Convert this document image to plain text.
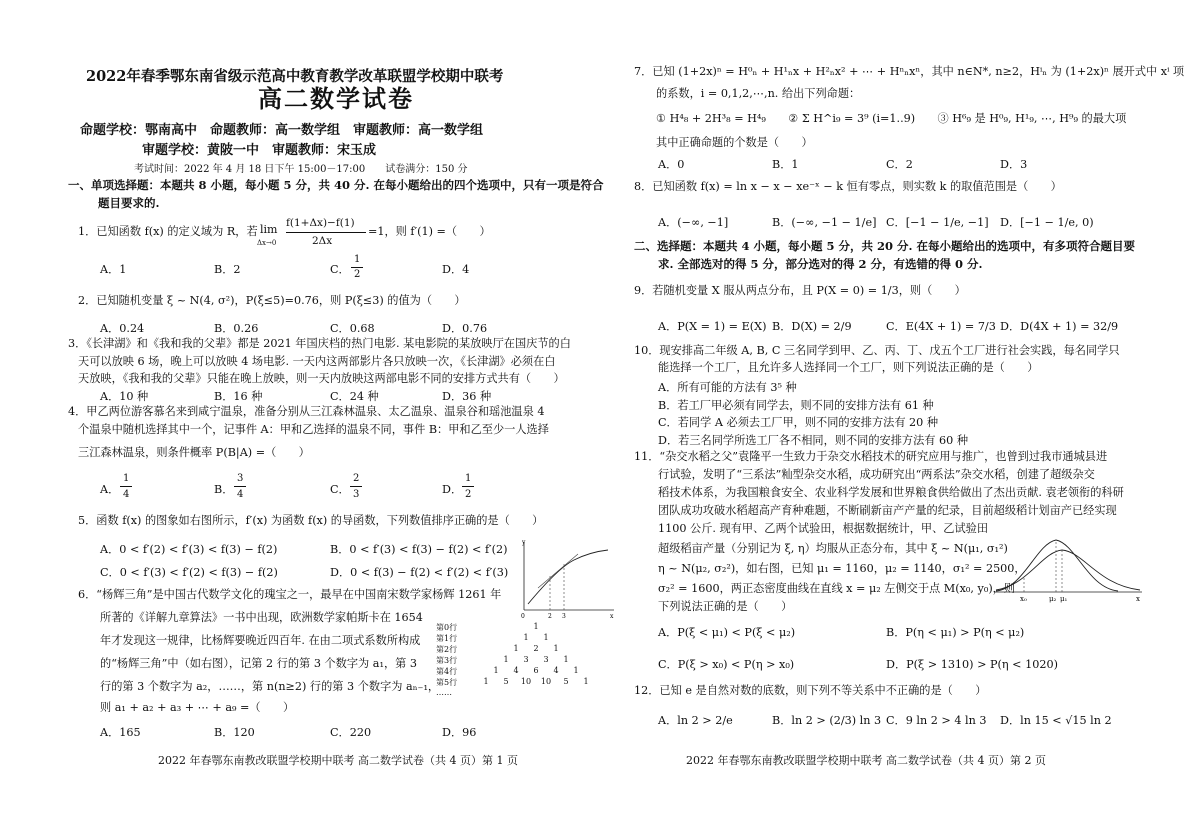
2022年春季鄂东南省级示范高中教育教学改革联盟学校期中联考
高二数学试卷
命题学校：鄂南高中　命题教师：高一数学组　审题教师：高一数学组
审题学校：黄陂一中　审题教师：宋玉成
考试时间：2022 年 4 月 18 日下午 15:00－17:00　　试卷满分：150 分
一、单项选择题：本题共 8 小题，每小题 5 分，共 40 分. 在每小题给出的四个选项中，只有一项是符合
题目要求的.
1．已知函数 f(x) 的定义域为 R，若 lim
Δx→0
f(1+Δx)−f(1)
2Δx
=1，则 f′(1) =（　　）
A．1	B．2	C．
1
2	D．4
2．已知随机变量 ξ ~ N(4, σ²)，P(ξ≤5)=0.76，则 P(ξ≤3) 的值为（　　）
A．0.24	B．0.26	C．0.68	D．0.76
3．《长津湖》和《我和我的父辈》都是 2021 年国庆档的热门电影. 某电影院的某放映厅在国庆节的白
天可以放映 6 场，晚上可以放映 4 场电影. 一天内这两部影片各只放映一次，《长津湖》必须在白
天放映，《我和我的父辈》只能在晚上放映，则一天内放映这两部电影不同的安排方式共有（　　）
A．10 种	B．16 种	C．24 种	D．36 种
4．甲乙两位游客慕名来到咸宁温泉，准备分别从三江森林温泉、太乙温泉、温泉谷和瑶池温泉 4
个温泉中随机选择其中一个，记事件 A：甲和乙选择的温泉不同，事件 B：甲和乙至少一人选择
三江森林温泉，则条件概率 P(B|A) =（　　）
A．
1
4	B．
3
4	C．
2
3	D．
1
2
5．函数 f(x) 的图象如右图所示，f′(x) 为函数 f(x) 的导函数，下列数值排序正确的是（　　）
A．0 < f′(2) < f′(3) < f(3) − f(2)	B．0 < f′(3) < f(3) − f(2) < f′(2)
C．0 < f′(3) < f′(2) < f(3) − f(2)	D．0 < f(3) − f(2) < f′(2) < f′(3)
y
0	2 3	x
6．“杨辉三角”是中国古代数学文化的瑰宝之一，最早在中国南宋数学家杨辉 1261 年
所著的《详解九章算法》一书中出现，欧洲数学家帕斯卡在 1654
年才发现这一规律，比杨辉要晚近四百年. 在由二项式系数所构成
的“杨辉三角”中（如右图），记第 2 行的第 3 个数字为 a₁，第 3
行的第 3 个数字为 a₂，……，第 n(n≥2) 行的第 3 个数字为 aₙ₋₁，
则 a₁ + a₂ + a₃ + ⋯ + a₉ =（　　）
A．165	B．120	C．220	D．96
第0行	1
第1行	1	1
第2行	1	2	1
第3行	1	3	3	1
第4行	1	4	6	4	1
第5行	1	5	10 10	5	1
……
2022 年春鄂东南教改联盟学校期中联考 高二数学试卷（共 4 页）第 1 页
7．已知 (1+2x)ⁿ = H⁰ₙ + H¹ₙx + H²ₙx² + ⋯ + Hⁿₙxⁿ，其中 n∈N*, n≥2，Hⁱₙ 为 (1+2x)ⁿ 展开式中 xⁱ 项
的系数，i = 0,1,2,⋯,n. 给出下列命题：
① H⁴₈ + 2H³₈ = H⁴₉　　② Σ H^i₉ = 3⁹ (i=1..9)　　③ H⁶₉ 是 H⁰₉, H¹₉, ⋯, H⁹₉ 的最大项
其中正确命题的个数是（　　）
A．0	B．1	C．2	D．3
8．已知函数 f(x) = ln x − x − xe⁻ˣ − k 恒有零点，则实数 k 的取值范围是（　　）
A．(−∞, −1]	B．(−∞, −1 − 1/e] C．[−1 − 1/e, −1] D．[−1 − 1/e, 0)
二、选择题：本题共 4 小题，每小题 5 分，共 20 分. 在每小题给出的选项中，有多项符合题目要
求. 全部选对的得 5 分，部分选对的得 2 分，有选错的得 0 分.
9．若随机变量 X 服从两点分布，且 P(X = 0) = 1/3，则（　　）
A．P(X = 1) = E(X) B．D(X) = 2/9	C．E(4X + 1) = 7/3 D．D(4X + 1) = 32/9
10．现安排高二年级 A, B, C 三名同学到甲、乙、丙、丁、戊五个工厂进行社会实践，每名同学只
能选择一个工厂，且允许多人选择同一个工厂，则下列说法正确的是（　　）
A．所有可能的方法有 3⁵ 种
B．若工厂甲必须有同学去，则不同的安排方法有 61 种
C．若同学 A 必须去工厂甲，则不同的安排方法有 20 种
D．若三名同学所选工厂各不相同，则不同的安排方法有 60 种
11．“杂交水稻之父”袁隆平一生致力于杂交水稻技术的研究应用与推广，也曾到过我市通城县进
行试验，发明了“三系法”籼型杂交水稻，成功研究出“两系法”杂交水稻，创建了超级杂交
稻技术体系，为我国粮食安全、农业科学发展和世界粮食供给做出了杰出贡献. 袁老领衔的科研
团队成功攻破水稻超高产育种难题，不断刷新亩产产量的纪录，目前超级稻计划亩产已经实现
1100 公斤. 现有甲、乙两个试验田，根据数据统计，甲、乙试验田
超级稻亩产量（分别记为 ξ, η）均服从正态分布，其中 ξ ~ N(μ₁, σ₁²)
η ~ N(μ₂, σ₂²)，如右图，已知 μ₁ = 1160，μ₂ = 1140，σ₁² = 2500，
σ₂² = 1600，两正态密度曲线在直线 x = μ₂ 左侧交于点 M(x₀, y₀)，则
下列说法正确的是（　　）
A．P(ξ < μ₁) < P(ξ < μ₂)	B．P(η < μ₁) > P(η < μ₂)
C．P(ξ > x₀) < P(η > x₀)	D．P(ξ > 1310) > P(η < 1020)
x₀	μ₂ μ₁	x
12．已知 e 是自然对数的底数，则下列不等关系中不正确的是（　　）
A．ln 2 > 2/e	B．ln 2 > (2/3) ln 3 C．9 ln 2 > 4 ln 3 D．ln 15 < √15 ln 2
2022 年春鄂东南教改联盟学校期中联考 高二数学试卷（共 4 页）第 2 页
